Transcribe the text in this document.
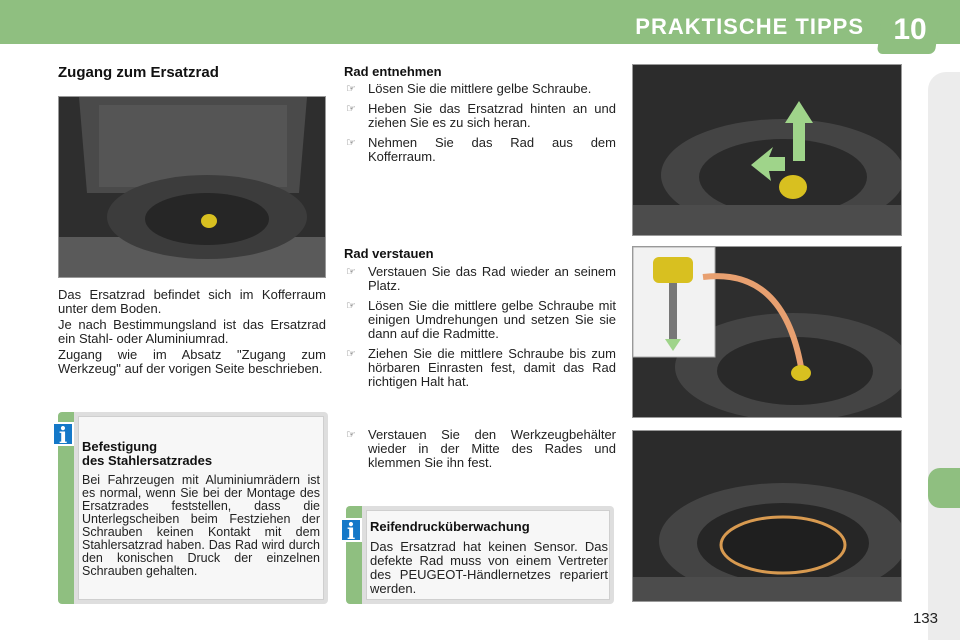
PRAKTISCHE TIPPS 10
Zugang zum Ersatzrad
Das Ersatzrad befindet sich im Kofferraum unter dem Boden.
Je nach Bestimmungsland ist das Ersatzrad ein Stahl- oder Aluminiumrad.
Zugang wie im Absatz "Zugang zum Werkzeug" auf der vorigen Seite beschrieben.
i	Befestigung
des Stahlersatzrades
Bei Fahrzeugen mit Aluminiumrädern ist es normal, wenn Sie bei der Montage des Ersatzrades feststellen, dass die Unterlegscheiben beim Festziehen der Schrauben keinen Kontakt mit dem Stahlersatzrad haben. Das Rad wird durch den konischen Druck der einzelnen Schrauben gehalten.
Rad entnehmen
☞ Lösen Sie die mittlere gelbe Schraube.
☞ Heben Sie das Ersatzrad hinten an und ziehen Sie es zu sich heran.
☞ Nehmen Sie das Rad aus dem Kofferraum.
Rad verstauen
☞ Verstauen Sie das Rad wieder an seinem Platz.
☞ Lösen Sie die mittlere gelbe Schraube mit einigen Umdrehungen und setzen Sie sie dann auf die Radmitte.
☞ Ziehen Sie die mittlere Schraube bis zum hörbaren Einrasten fest, damit das Rad richtigen Halt hat.
☞ Verstauen Sie den Werkzeugbehälter wieder in der Mitte des Rades und klemmen Sie ihn fest.
i	Reifendrucküberwachung
Das Ersatzrad hat keinen Sensor. Das defekte Rad muss von einem Vertreter des PEUGEOT-Händlernetzes repariert werden.
133
